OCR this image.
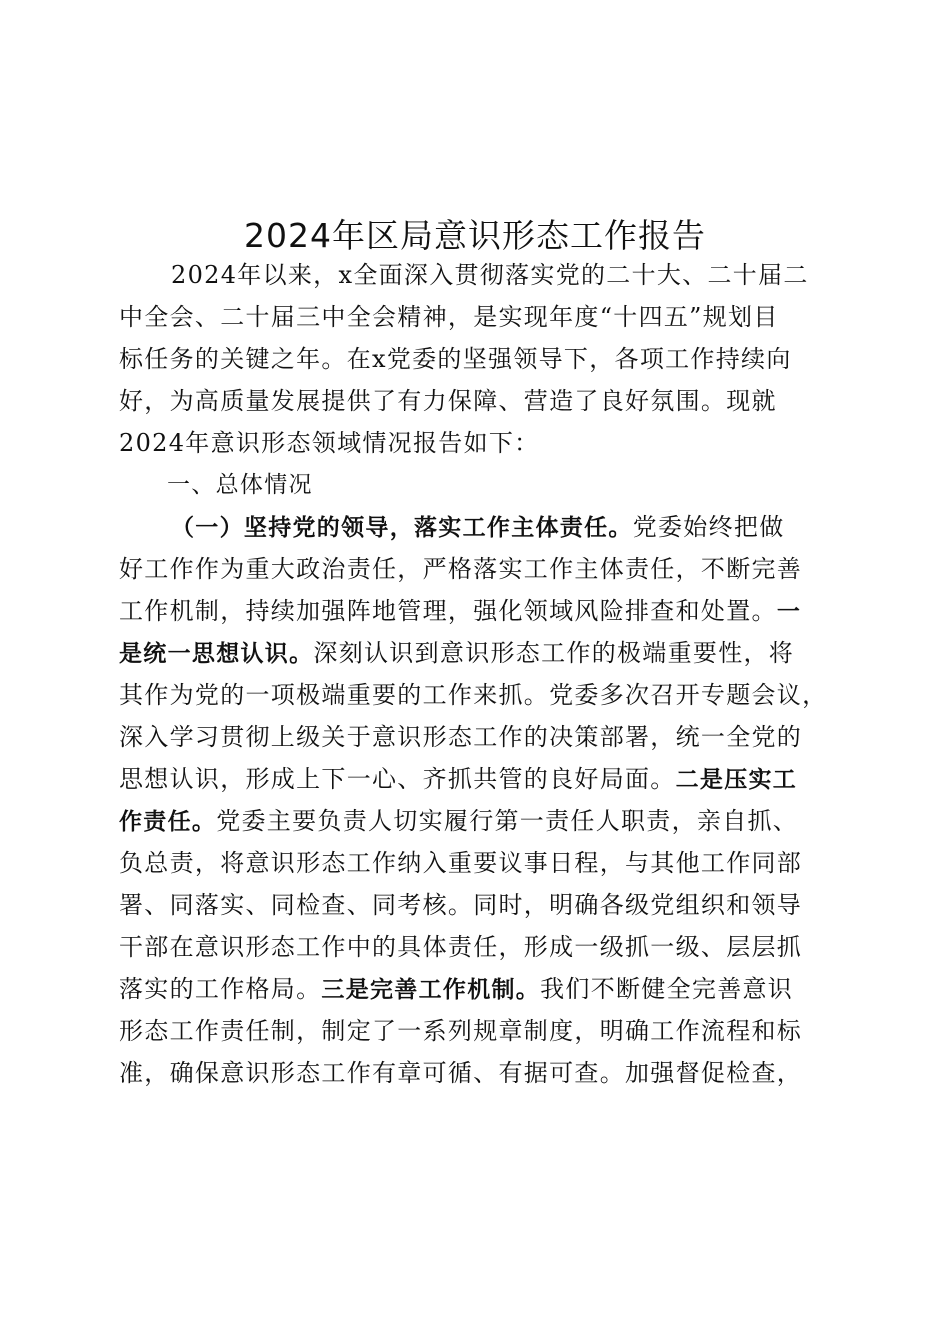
2024年区局意识形态工作报告

2024年以来，x全面深入贯彻落实党的二十大、二十届二

中全会、二十届三中全会精神，是实现年度“十四五”规划目

标任务的关键之年。在x党委的坚强领导下，各项工作持续向

好，为高质量发展提供了有力保障、营造了良好氛围。现就

2024年意识形态领域情况报告如下：

一、总体情况

（一）坚持党的领导，落实工作主体责任。党委始终把做

好工作作为重大政治责任，严格落实工作主体责任，不断完善

工作机制，持续加强阵地管理，强化领域风险排查和处置。一

是统一思想认识。深刻认识到意识形态工作的极端重要性，将

其作为党的一项极端重要的工作来抓。党委多次召开专题会议，

深入学习贯彻上级关于意识形态工作的决策部署，统一全党的

思想认识，形成上下一心、齐抓共管的良好局面。二是压实工

作责任。党委主要负责人切实履行第一责任人职责，亲自抓、

负总责，将意识形态工作纳入重要议事日程，与其他工作同部

署、同落实、同检查、同考核。同时，明确各级党组织和领导

干部在意识形态工作中的具体责任，形成一级抓一级、层层抓

落实的工作格局。三是完善工作机制。我们不断健全完善意识

形态工作责任制，制定了一系列规章制度，明确工作流程和标

准，确保意识形态工作有章可循、有据可查。加强督促检查，
